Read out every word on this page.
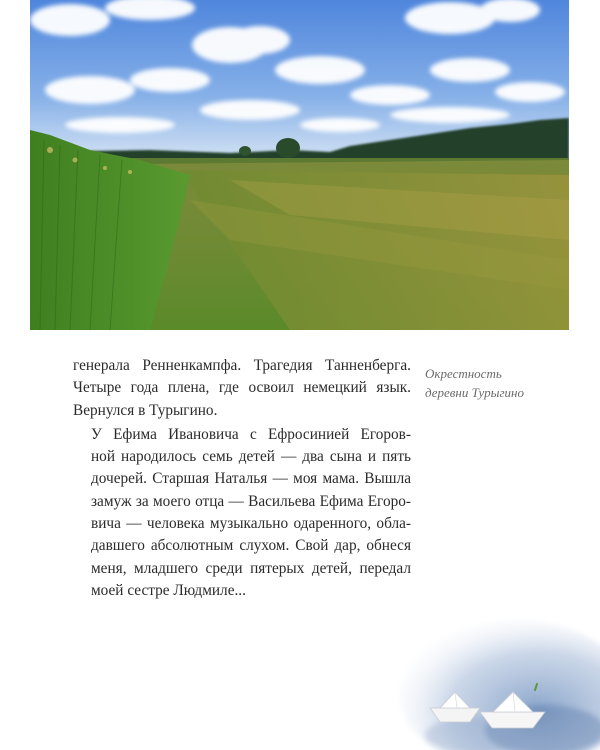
генерала Ренненкампфа. Трагедия Танненберга.
Четыре года плена, где освоил немецкий язык.
Вернулся в Турыгино.

У Ефима Ивановича с Ефросинией Егоров-
ной народилось семь детей — два сына и пять
дочерей. Старшая Наталья — моя мама. Вышла
замуж за моего отца — Васильева Ефима Егоро-
вича — человека музыкально одаренного, обла-
давшего абсолютным слухом. Свой дар, обнеся
меня, младшего среди пятерых детей, передал
моей сестре Людмиле...

Окрестность
деревни Турыгино
